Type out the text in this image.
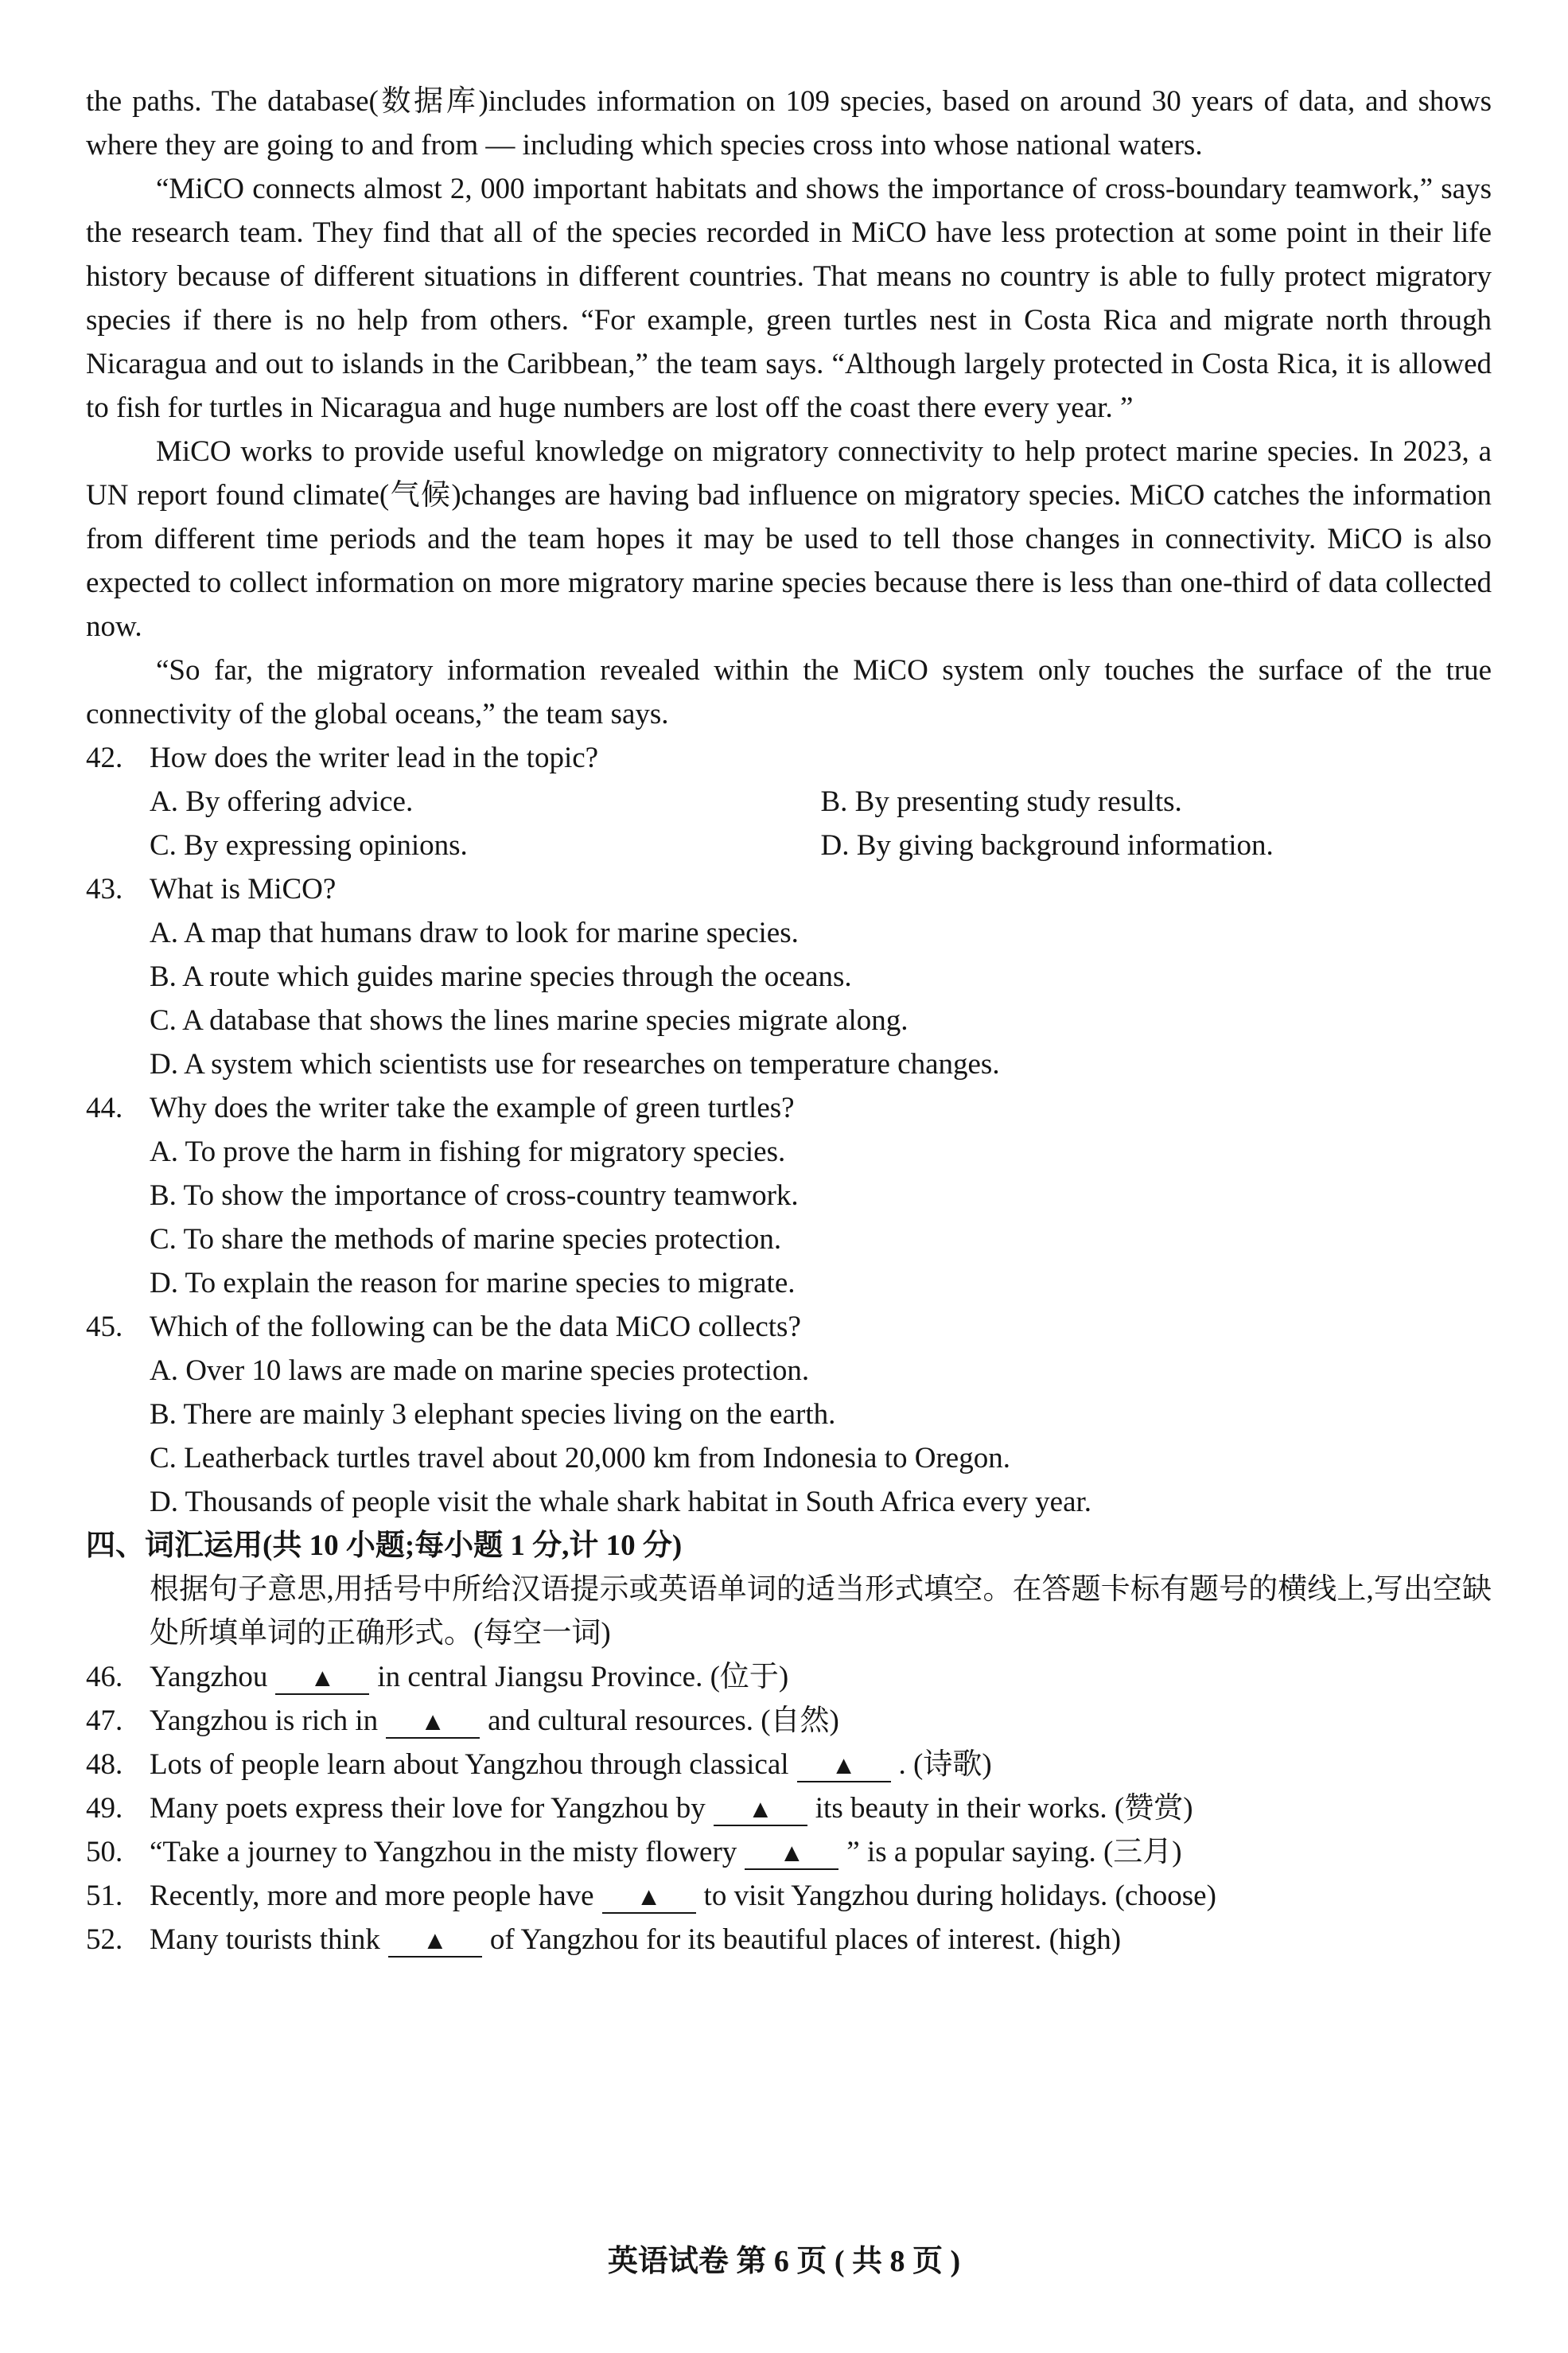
the paths. The database(数据库)includes information on 109 species, based on around 30 years of data, and shows where they are going to and from — including which species cross into whose national waters.

“MiCO connects almost 2, 000 important habitats and shows the importance of cross-boundary teamwork,” says the research team. They find that all of the species recorded in MiCO have less protection at some point in their life history because of different situations in different countries. That means no country is able to fully protect migratory species if there is no help from others. “For example, green turtles nest in Costa Rica and migrate north through Nicaragua and out to islands in the Caribbean,” the team says. “Although largely protected in Costa Rica, it is allowed to fish for turtles in Nicaragua and huge numbers are lost off the coast there every year. ”

MiCO works to provide useful knowledge on migratory connectivity to help protect marine species. In 2023, a UN report found climate(气候)changes are having bad influence on migratory species. MiCO catches the information from different time periods and the team hopes it may be used to tell those changes in connectivity. MiCO is also expected to collect information on more migratory marine species because there is less than one-third of data collected now.

“So far, the migratory information revealed within the MiCO system only touches the surface of the true connectivity of the global oceans,” the team says.

42. How does the writer lead in the topic?
A. By offering advice.	B. By presenting study results.
C. By expressing opinions.	D. By giving background information.
43. What is MiCO?
A. A map that humans draw to look for marine species.
B. A route which guides marine species through the oceans.
C. A database that shows the lines marine species migrate along.
D. A system which scientists use for researches on temperature changes.
44. Why does the writer take the example of green turtles?
A. To prove the harm in fishing for migratory species.
B. To show the importance of cross-country teamwork.
C. To share the methods of marine species protection.
D. To explain the reason for marine species to migrate.
45. Which of the following can be the data MiCO collects?
A. Over 10 laws are made on marine species protection.
B. There are mainly 3 elephant species living on the earth.
C. Leatherback turtles travel about 20,000 km from Indonesia to Oregon.
D. Thousands of people visit the whale shark habitat in South Africa every year.

四、词汇运用(共 10 小题;每小题 1 分,计 10 分)

根据句子意思,用括号中所给汉语提示或英语单词的适当形式填空。在答题卡标有题号的横线上,写出空缺处所填单词的正确形式。(每空一词)

46. Yangzhou ▲ in central Jiangsu Province. (位于)
47. Yangzhou is rich in ▲ and cultural resources. (自然)
48. Lots of people learn about Yangzhou through classical ▲ . (诗歌)
49. Many poets express their love for Yangzhou by ▲ its beauty in their works. (赞赏)
50. “Take a journey to Yangzhou in the misty flowery ▲ ” is a popular saying. (三月)
51. Recently, more and more people have ▲ to visit Yangzhou during holidays. (choose)
52. Many tourists think ▲ of Yangzhou for its beautiful places of interest. (high)
英语试卷 第 6 页 ( 共 8 页 )
